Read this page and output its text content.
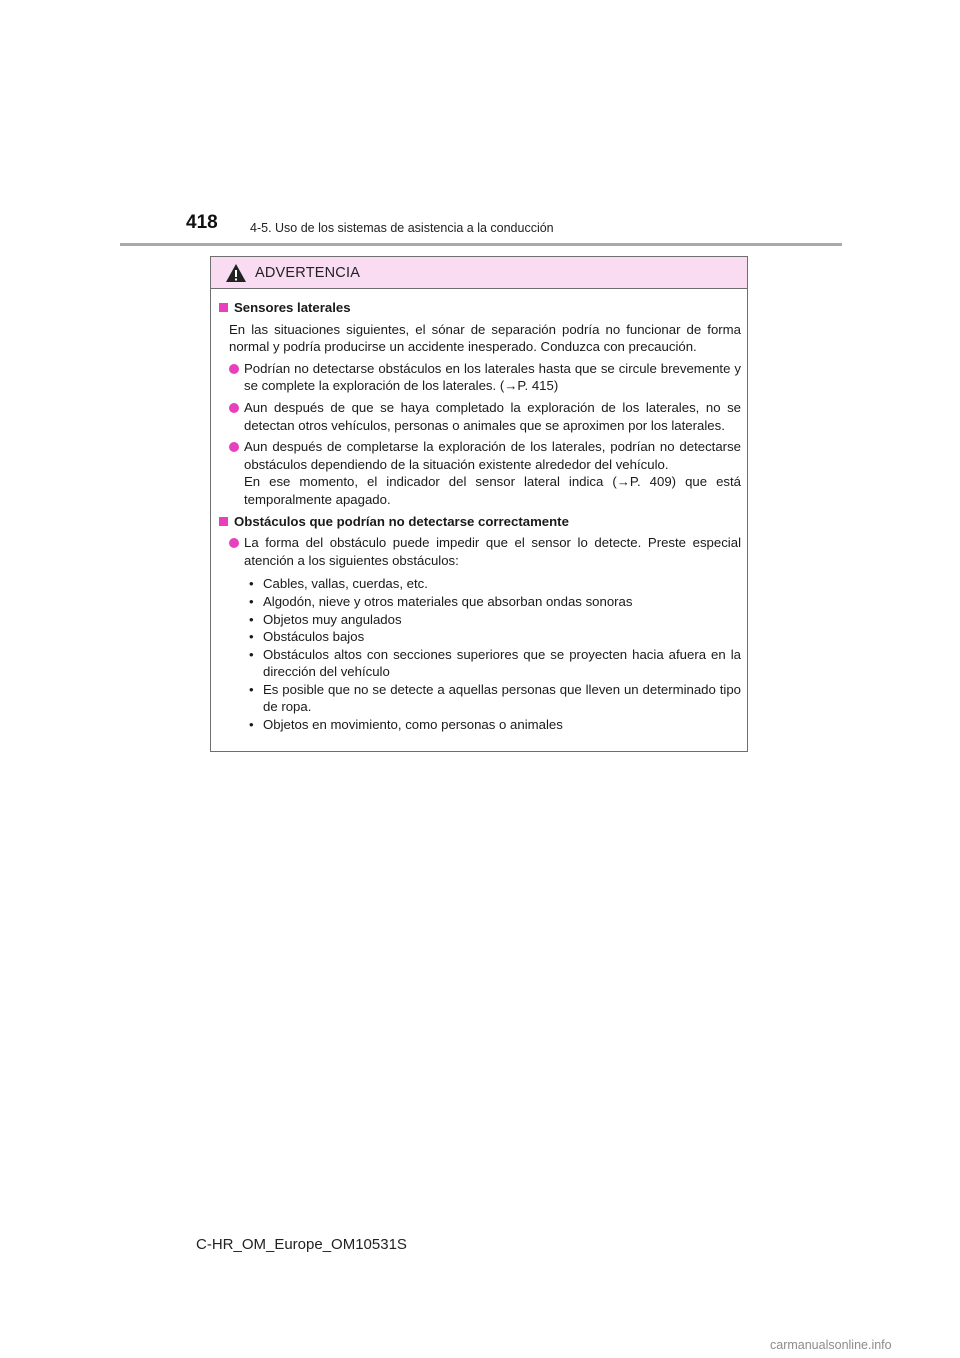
418	4-5. Uso de los sistemas de asistencia a la conducción
ADVERTENCIA
Sensores laterales
En las situaciones siguientes, el sónar de separación podría no funcionar de forma normal y podría producirse un accidente inesperado. Conduzca con precaución.
Podrían no detectarse obstáculos en los laterales hasta que se circule brevemente y se complete la exploración de los laterales. (→P. 415)
Aun después de que se haya completado la exploración de los laterales, no se detectan otros vehículos, personas o animales que se aproximen por los laterales.
Aun después de completarse la exploración de los laterales, podrían no detectarse obstáculos dependiendo de la situación existente alrededor del vehículo.
En ese momento, el indicador del sensor lateral indica (→P. 409) que está temporalmente apagado.
Obstáculos que podrían no detectarse correctamente
La forma del obstáculo puede impedir que el sensor lo detecte. Preste especial atención a los siguientes obstáculos:
• Cables, vallas, cuerdas, etc.
• Algodón, nieve y otros materiales que absorban ondas sonoras
• Objetos muy angulados
• Obstáculos bajos
• Obstáculos altos con secciones superiores que se proyecten hacia afuera en la dirección del vehículo
• Es posible que no se detecte a aquellas personas que lleven un determinado tipo de ropa.
• Objetos en movimiento, como personas o animales
C-HR_OM_Europe_OM10531S
carmanualsonline.info
